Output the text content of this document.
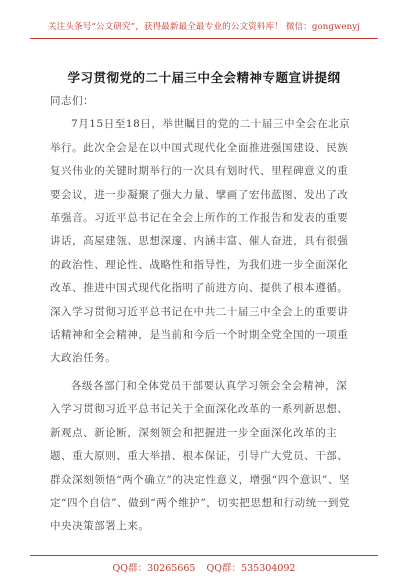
关注头条号“公文研究”，获得最新最全最专业的公文资料库！ 微信：gongwenyj
学习贯彻党的二十届三中全会精神专题宣讲提纲
同志们：

7月15日至18日，举世瞩目的党的二十届三中全会在北京举行。此次全会是在以中国式现代化全面推进强国建设、民族复兴伟业的关键时期举行的一次具有划时代、里程碑意义的重要会议，进一步凝聚了强大力量、擘画了宏伟蓝图、发出了改革强音。习近平总书记在全会上所作的工作报告和发表的重要讲话，高屋建瓴、思想深邃、内涵丰富、催人奋进，具有很强的政治性、理论性、战略性和指导性，为我们进一步全面深化改革、推进中国式现代化指明了前进方向、提供了根本遵循。深入学习贯彻习近平总书记在中共二十届三中全会上的重要讲话精神和全会精神，是当前和今后一个时期全党全国的一项重大政治任务。

各级各部门和全体党员干部要认真学习领会全会精神，深入学习贯彻习近平总书记关于全面深化改革的一系列新思想、新观点、新论断，深刻领会和把握进一步全面深化改革的主题、重大原则、重大举措、根本保证，引导广大党员、干部、群众深刻领悟“两个确立”的决定性意义，增强“四个意识”、坚定“四个自信”、做到“两个维护”，切实把思想和行动统一到党中央决策部署上来。

QQ群：30265665 QQ群：535304092
